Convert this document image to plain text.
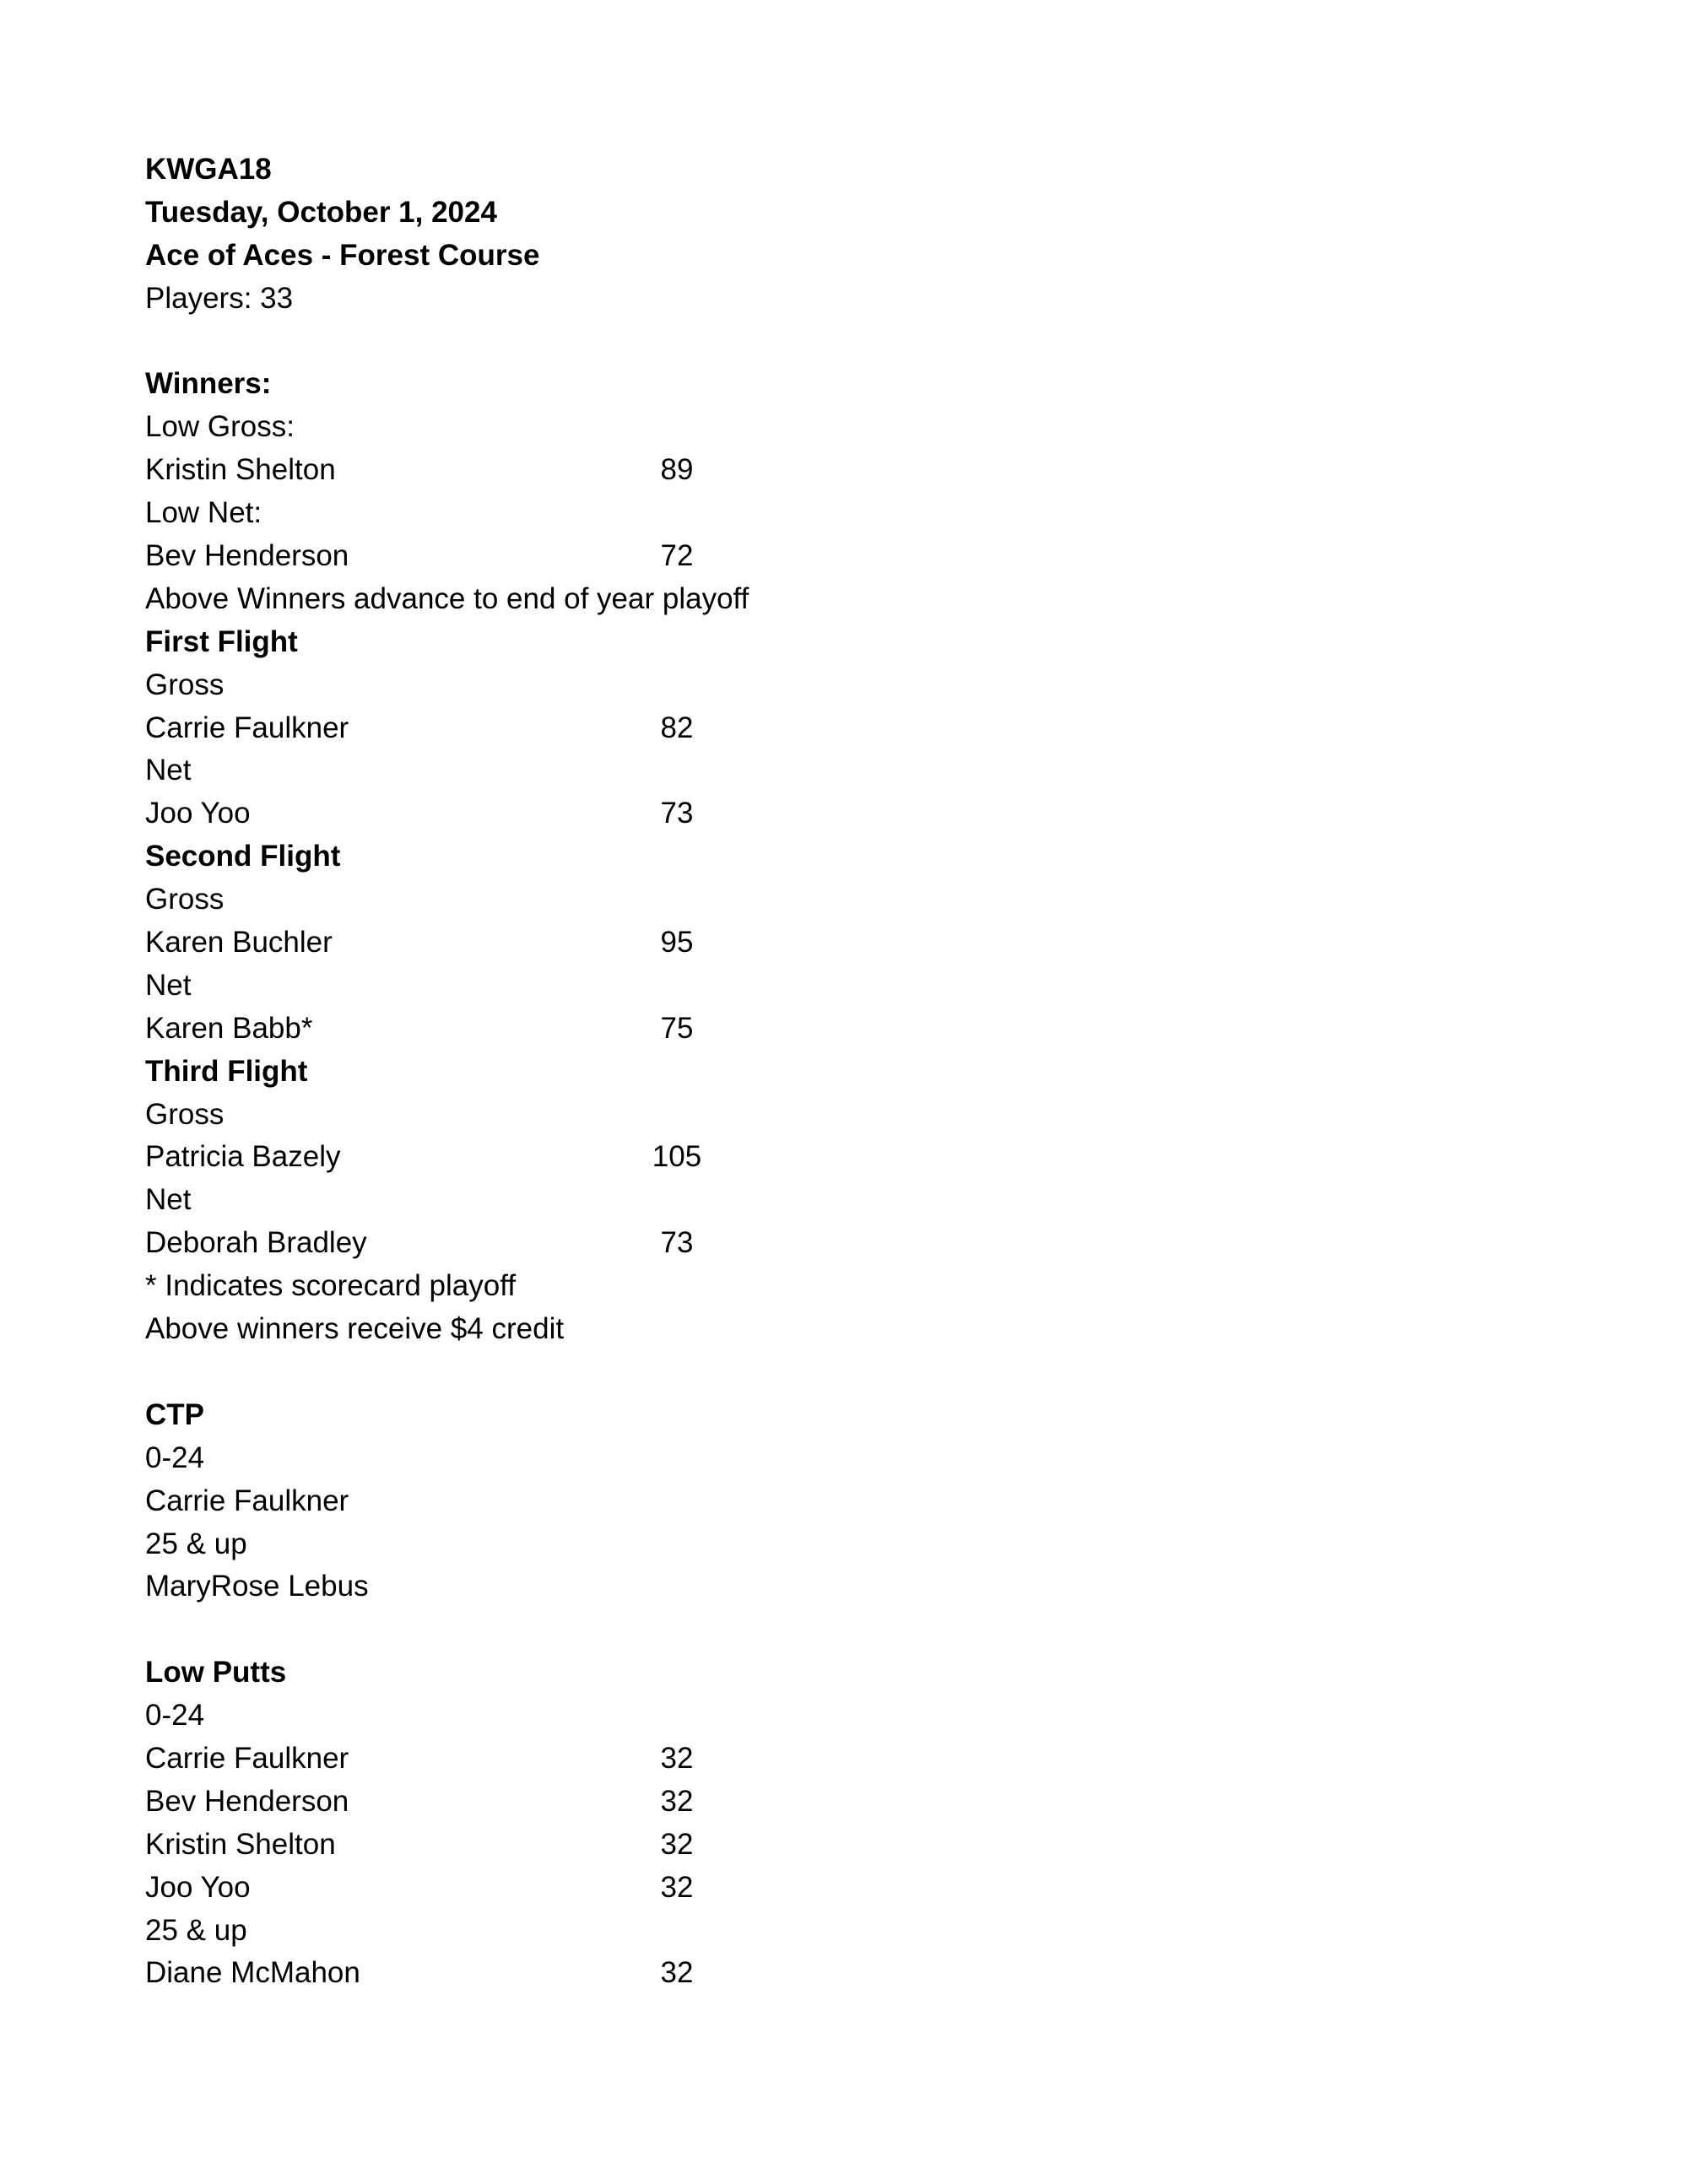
KWGA18
Tuesday, October 1, 2024
Ace of Aces - Forest Course
Players: 33
Winners:
Low Gross:
Kristin Shelton	89
Low Net:
Bev Henderson	72
Above Winners advance to end of year playoff
First Flight
Gross
Carrie Faulkner	82
Net
Joo Yoo	73
Second Flight
Gross
Karen Buchler	95
Net
Karen Babb*	75
Third Flight
Gross
Patricia Bazely	105
Net
Deborah Bradley	73
* Indicates scorecard playoff
Above winners receive $4 credit
CTP
0-24
Carrie Faulkner
25 & up
MaryRose Lebus
Low Putts
0-24
Carrie Faulkner	32
Bev Henderson	32
Kristin Shelton	32
Joo Yoo	32
25 & up
Diane McMahon	32
